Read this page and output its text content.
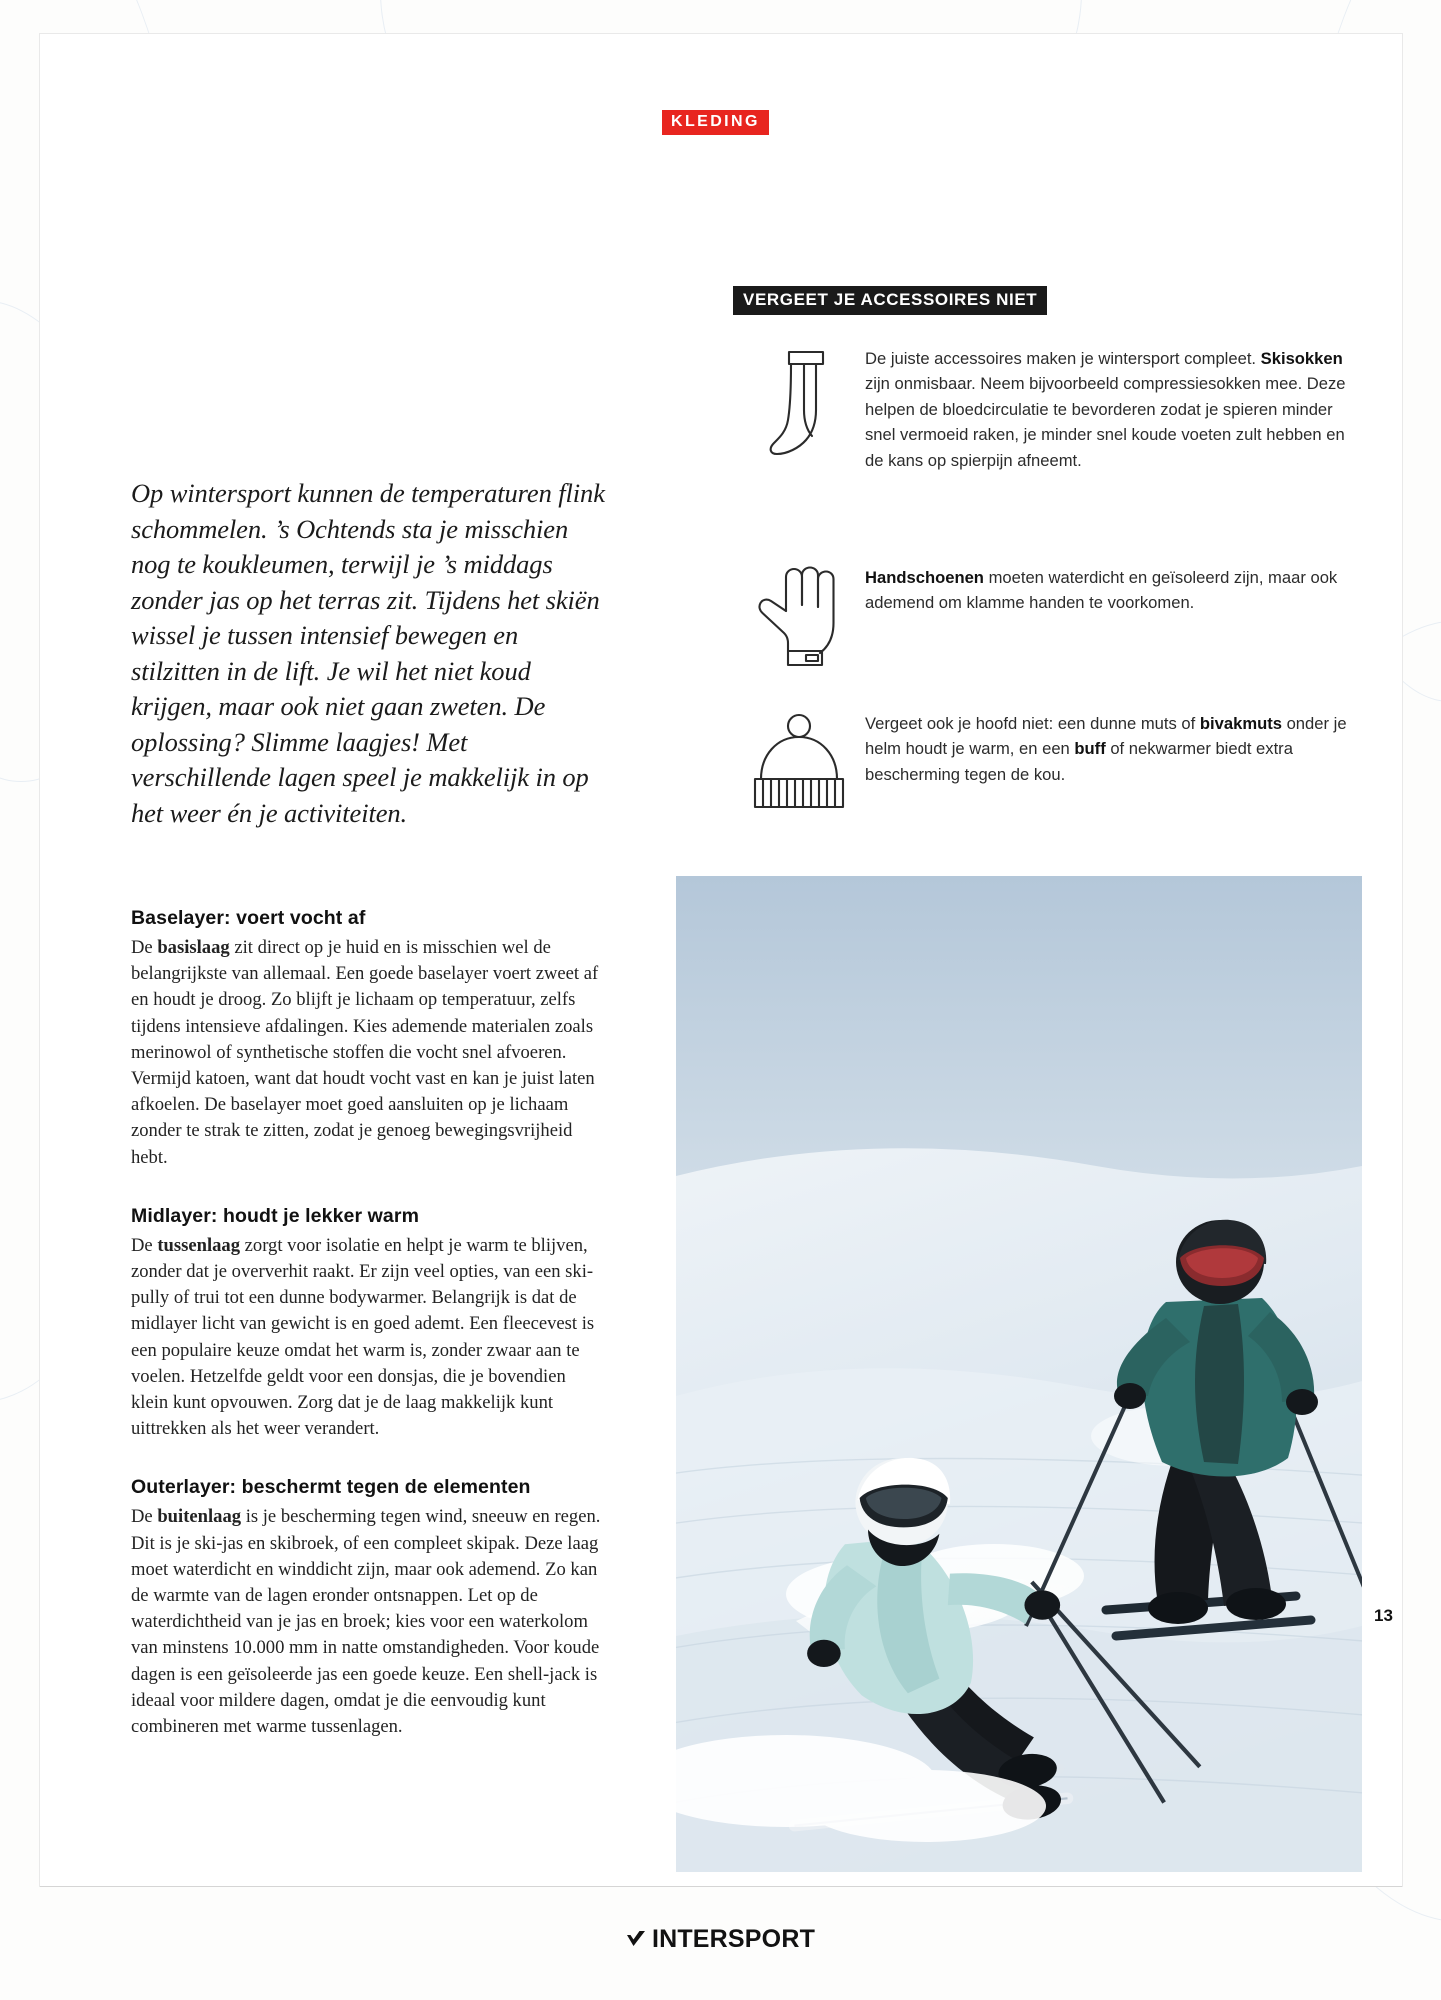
KLEDING

Op wintersport kunnen de temperaturen flink schommelen. ’s Ochtends sta je misschien nog te koukleumen, terwijl je ’s middags zonder jas op het terras zit. Tijdens het skiën wissel je tussen intensief bewegen en stilzitten in de lift. Je wil het niet koud krijgen, maar ook niet gaan zweten. De oplossing? Slimme laagjes! Met verschillende lagen speel je makkelijk in op het weer én je activiteiten.

Baselayer: voert vocht af

De basislaag zit direct op je huid en is misschien wel de belangrijkste van allemaal. Een goede baselayer voert zweet af en houdt je droog. Zo blijft je lichaam op temperatuur, zelfs tijdens intensieve afdalingen. Kies ademende materialen zoals merinowol of synthetische stoffen die vocht snel afvoeren. Vermijd katoen, want dat houdt vocht vast en kan je juist laten afkoelen. De baselayer moet goed aansluiten op je lichaam zonder te strak te zitten, zodat je genoeg bewegingsvrijheid hebt.

Midlayer: houdt je lekker warm

De tussenlaag zorgt voor isolatie en helpt je warm te blijven, zonder dat je oververhit raakt. Er zijn veel opties, van een ski-pully of trui tot een dunne bodywarmer. Belangrijk is dat de midlayer licht van gewicht is en goed ademt. Een fleecevest is een populaire keuze omdat het warm is, zonder zwaar aan te voelen. Hetzelfde geldt voor een donsjas, die je bovendien klein kunt opvouwen. Zorg dat je de laag makkelijk kunt uittrekken als het weer verandert.

Outerlayer: beschermt tegen de elementen

De buitenlaag is je bescherming tegen wind, sneeuw en regen. Dit is je ski-jas en skibroek, of een compleet skipak. Deze laag moet waterdicht en winddicht zijn, maar ook ademend. Zo kan de warmte van de lagen eronder ontsnappen. Let op de waterdichtheid van je jas en broek; kies voor een waterkolom van minstens 10.000 mm in natte omstandigheden. Voor koude dagen is een geïsoleerde jas een goede keuze. Een shell-jack is ideaal voor mildere dagen, omdat je die eenvoudig kunt combineren met warme tussenlagen.

VERGEET JE ACCESSOIRES NIET
De juiste accessoires maken je wintersport compleet. Skisokken zijn onmisbaar. Neem bijvoorbeeld compressiesokken mee. Deze helpen de bloedcirculatie te bevorderen zodat je spieren minder snel vermoeid raken, je minder snel koude voeten zult hebben en de kans op spierpijn afneemt.
Handschoenen moeten waterdicht en geïsoleerd zijn, maar ook ademend om klamme handen te voorkomen.
Vergeet ook je hoofd niet: een dunne muts of bivakmuts onder je helm houdt je warm, en een buff of nekwarmer biedt extra bescherming tegen de kou.
13
INTERSPORT
